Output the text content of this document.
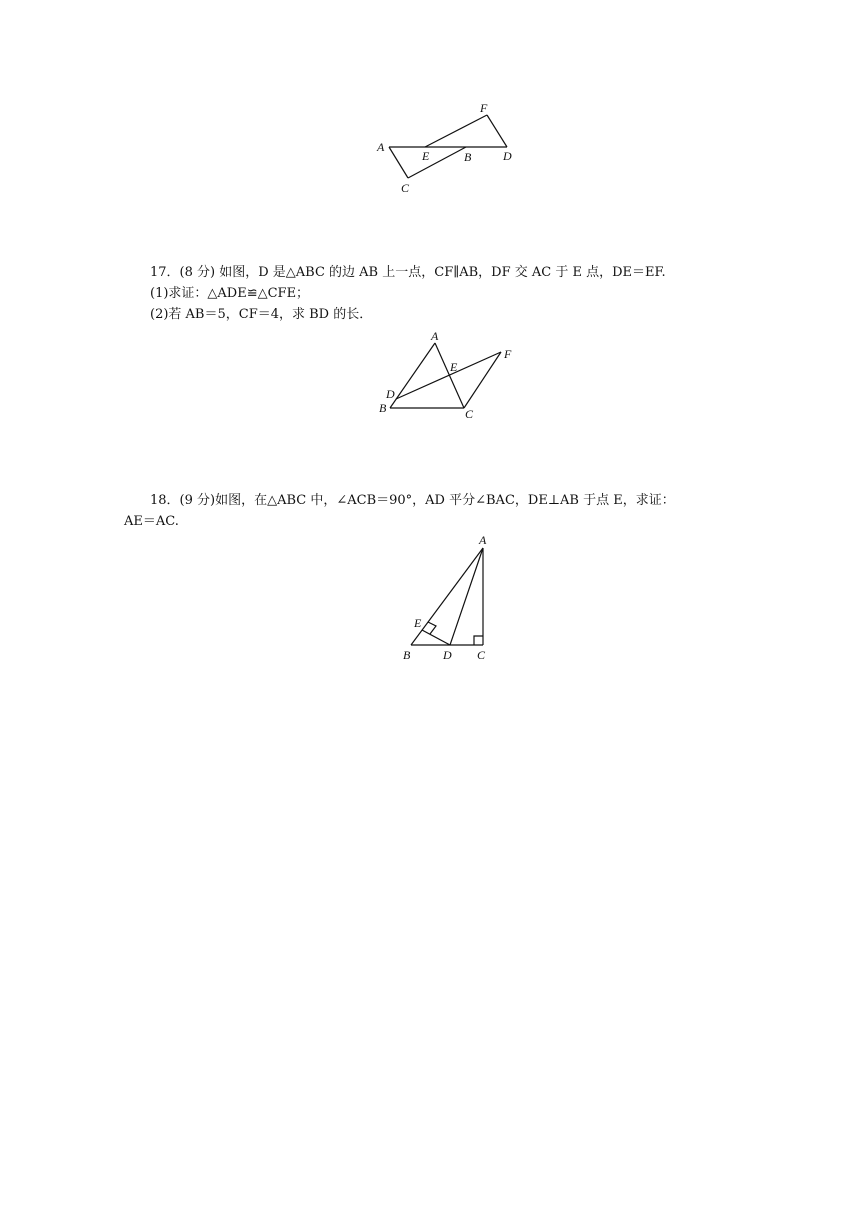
A
E	B	D
F
C
17．(8 分) 如图，D 是△ABC 的边 AB 上一点，CF∥AB，DF 交 AC 于 E 点，DE＝EF.
(1)求证：△ADE≌△CFE；
(2)若 AB＝5，CF＝4，求 BD 的长．
A
E
F
D
B	C
18．(9 分)如图，在△ABC 中，∠ACB＝90°，AD 平分∠BAC，DE⊥AB 于点 E，求证：
AE＝AC.
A
E
B	D C
